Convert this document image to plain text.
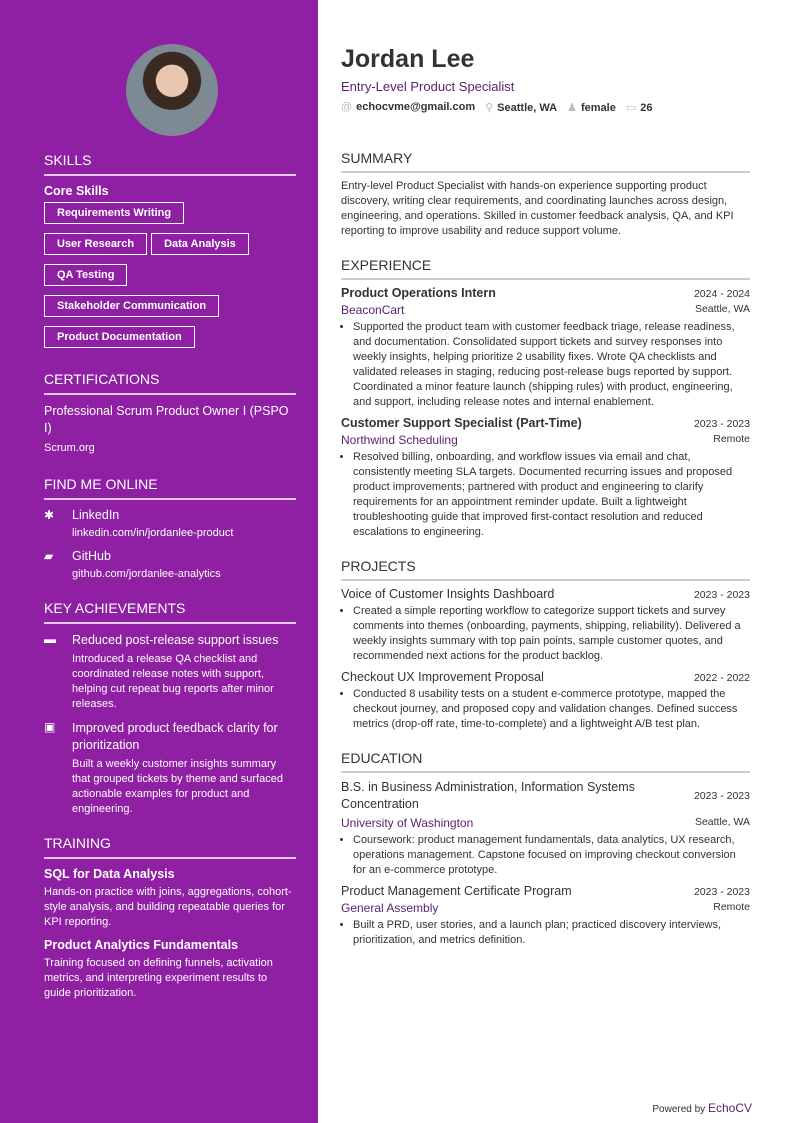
SKILLS
Core Skills
Requirements Writing
User Research	Data Analysis
QA Testing
Stakeholder Communication
Product Documentation
CERTIFICATIONS
Professional Scrum Product Owner I (PSPO I)
Scrum.org
FIND ME ONLINE
✱	LinkedIn
linkedin.com/in/jordanlee-product
▰	GitHub
github.com/jordanlee-analytics
KEY ACHIEVEMENTS
▬	Reduced post-release support issues
Introduced a release QA checklist and coordinated release notes with support, helping cut repeat bug reports after minor releases.
▣	Improved product feedback clarity for prioritization
Built a weekly customer insights summary that grouped tickets by theme and surfaced actionable examples for product and engineering.
TRAINING
SQL for Data Analysis
Hands-on practice with joins, aggregations, cohort-style analysis, and building repeatable queries for KPI reporting.
Product Analytics Fundamentals
Training focused on defining funnels, activation metrics, and interpreting experiment results to guide prioritization.
Jordan Lee
Entry-Level Product Specialist
@ echocvme@gmail.com ⚲ Seattle, WA ♟ female ▭ 26
SUMMARY
Entry-level Product Specialist with hands-on experience supporting product discovery, writing clear requirements, and coordinating launches across design, engineering, and operations. Skilled in customer feedback analysis, QA, and KPI reporting to improve usability and reduce support volume.
EXPERIENCE
Product Operations Intern	2024 - 2024
BeaconCart	Seattle, WA
• Supported the product team with customer feedback triage, release readiness, and documentation. Consolidated support tickets and survey responses into weekly insights, helping prioritize 2 usability fixes. Wrote QA checklists and validated releases in staging, reducing post-release bugs reported by support. Coordinated a minor feature launch (shipping rules) with product, engineering, and support, including release notes and internal enablement.
Customer Support Specialist (Part-Time)	2023 - 2023
Northwind Scheduling	Remote
• Resolved billing, onboarding, and workflow issues via email and chat, consistently meeting SLA targets. Documented recurring issues and proposed product improvements; partnered with product and engineering to clarify requirements for an appointment reminder update. Built a lightweight troubleshooting guide that improved first-contact resolution and reduced escalations to engineering.
PROJECTS
Voice of Customer Insights Dashboard	2023 - 2023
• Created a simple reporting workflow to categorize support tickets and survey comments into themes (onboarding, payments, shipping, reliability). Delivered a weekly insights summary with top pain points, sample customer quotes, and recommended next actions for the product backlog.
Checkout UX Improvement Proposal	2022 - 2022
• Conducted 8 usability tests on a student e-commerce prototype, mapped the checkout journey, and proposed copy and validation changes. Defined success metrics (drop-off rate, time-to-complete) and a lightweight A/B test plan.
EDUCATION
B.S. in Business Administration, Information Systems Concentration
2023 - 2023
University of Washington	Seattle, WA
• Coursework: product management fundamentals, data analytics, UX research, operations management. Capstone focused on improving checkout conversion for an e-commerce prototype.
Product Management Certificate Program	2023 - 2023
General Assembly	Remote
• Built a PRD, user stories, and a launch plan; practiced discovery interviews, prioritization, and metrics definition.
Powered by EchoCV
